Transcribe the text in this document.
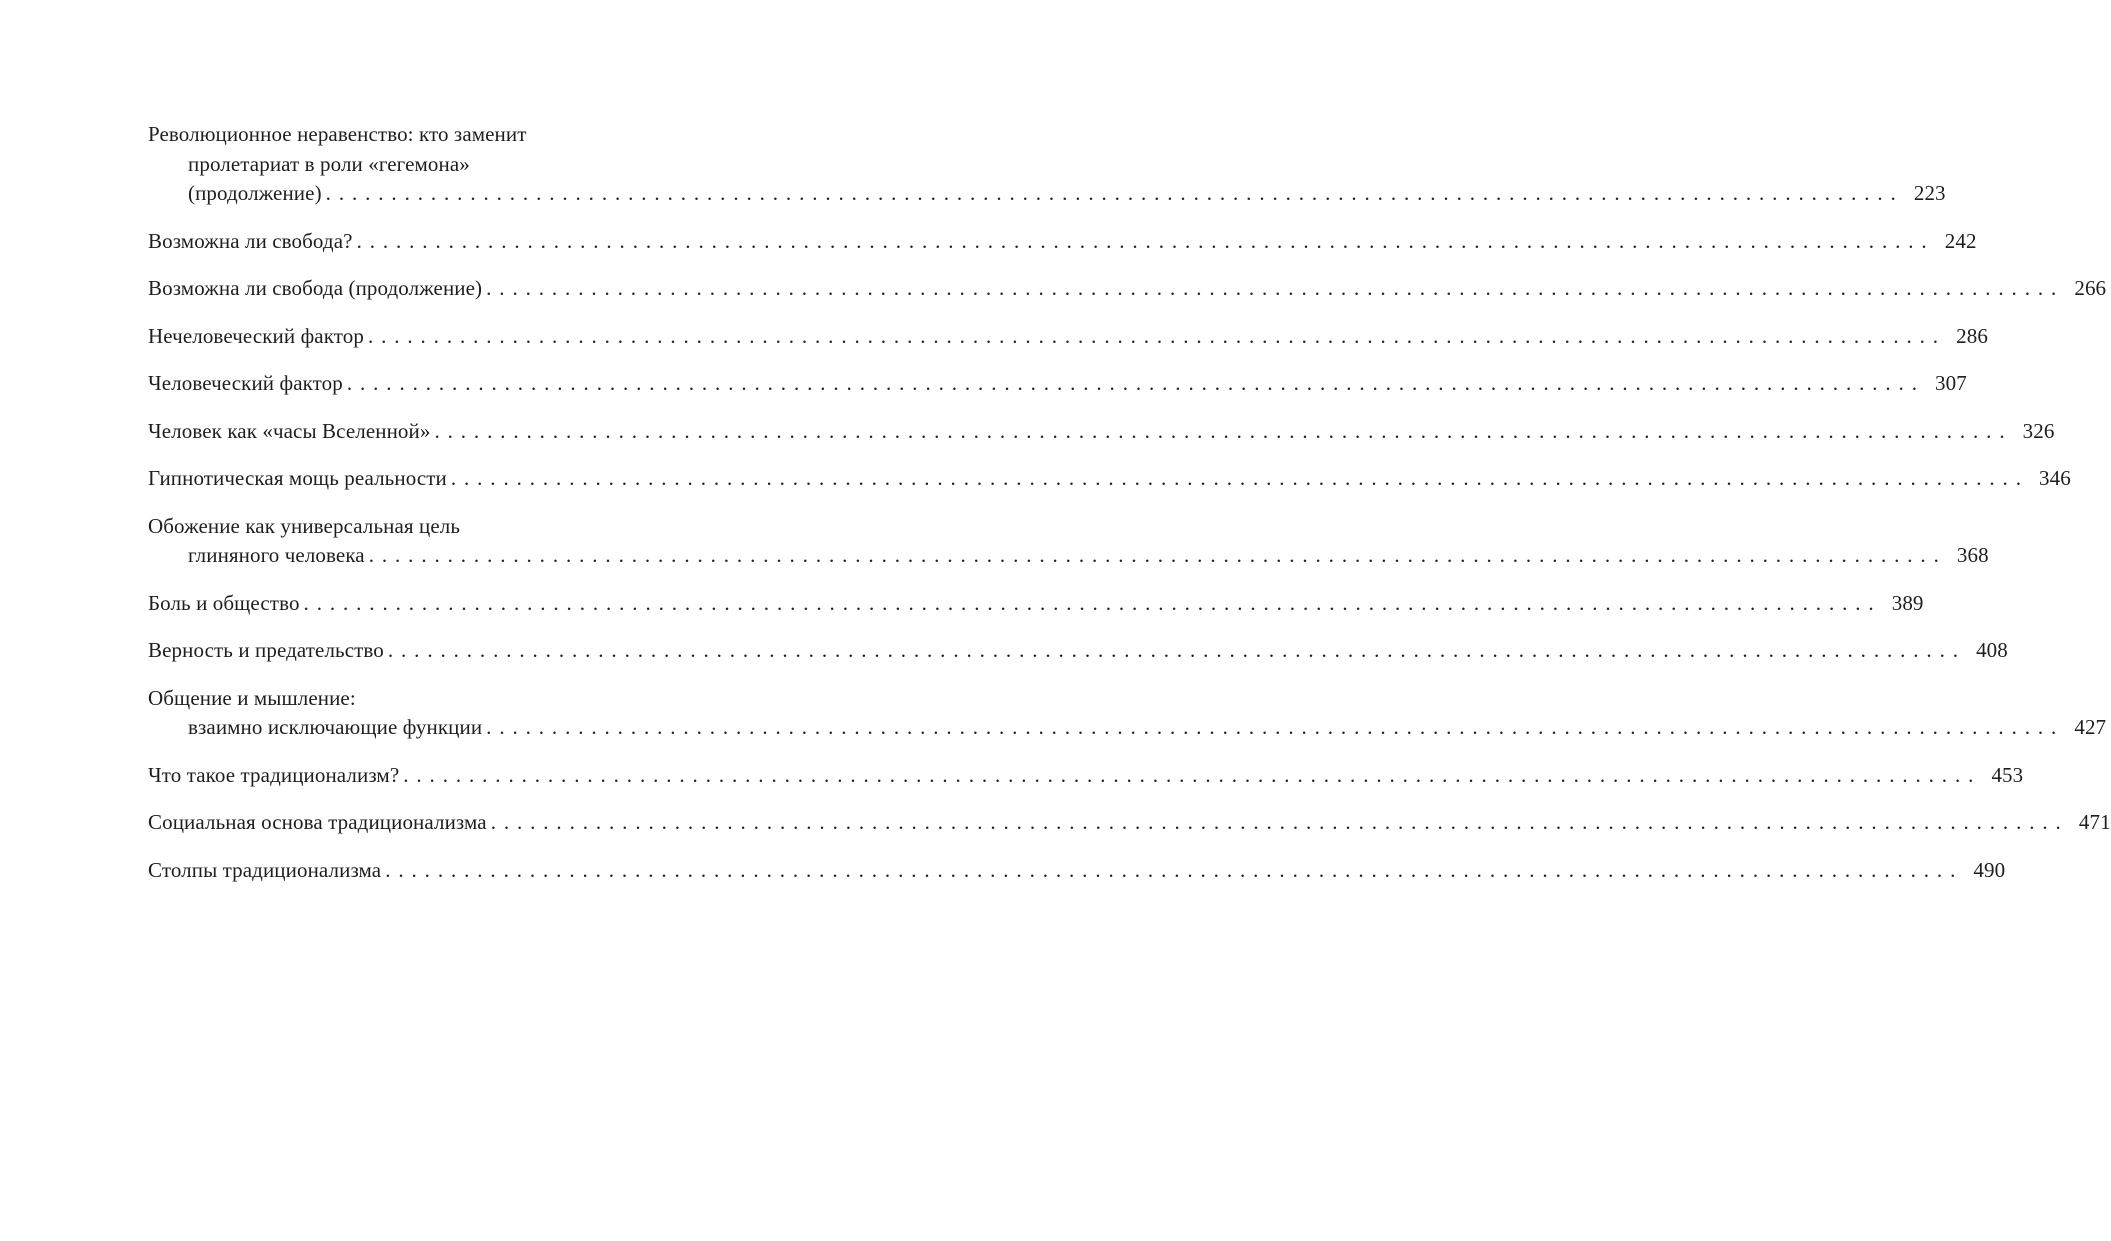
Революционное неравенство: кто заменит
пролетариат в роли «гегемона»
(продолжение) ........................................................................................................................ 223
Возможна ли свобода? ........................................................................................................................ 242
Возможна ли свобода (продолжение) ........................................................................................................................ 266
Нечеловеческий фактор ........................................................................................................................ 286
Человеческий фактор ........................................................................................................................ 307
Человек как «часы Вселенной» ........................................................................................................................ 326
Гипнотическая мощь реальности ........................................................................................................................ 346
Обожение как универсальная цель
глиняного человека ........................................................................................................................ 368
Боль и общество ........................................................................................................................ 389
Верность и предательство ........................................................................................................................ 408
Общение и мышление:
взаимно исключающие функции ........................................................................................................................ 427
Что такое традиционализм? ........................................................................................................................ 453
Социальная основа традиционализма ........................................................................................................................ 471
Столпы традиционализма ........................................................................................................................ 490
